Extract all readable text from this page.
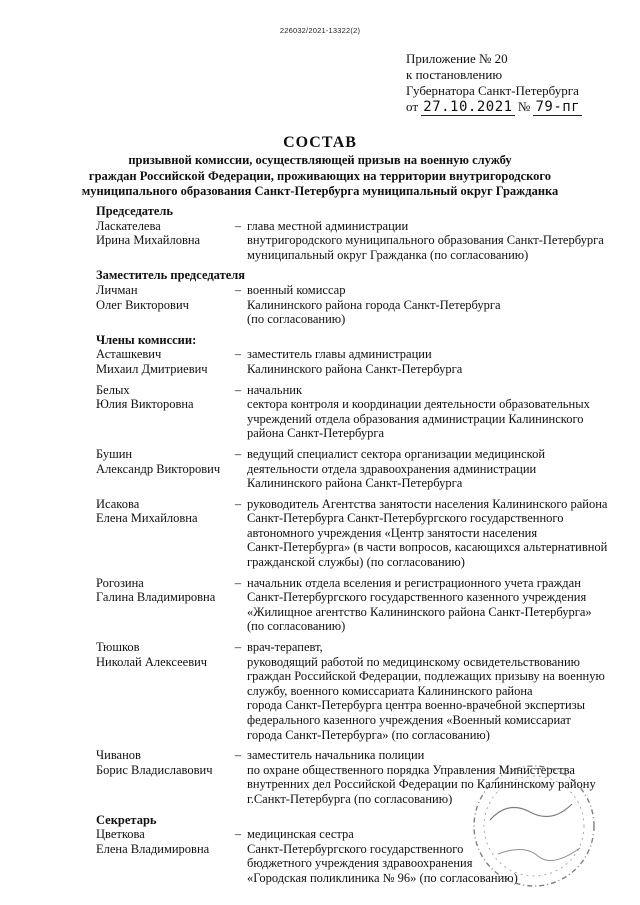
226032/2021-13322(2)
Приложение № 20
к постановлению
Губернатора Санкт-Петербурга
от 27.10.2021 № 79-пг
СОСТАВ
призывной комиссии, осуществляющей призыв на военную службу
граждан Российской Федерации, проживающих на территории внутригородского
муниципального образования Санкт-Петербурга муниципальный округ Гражданка
Председатель
Ласкателева
Ирина Михайловна
– глава местной администрации
внутригородского муниципального образования Санкт-Петербурга
муниципальный округ Гражданка (по согласованию)
Заместитель председателя
Личман
Олег Викторович
– военный комиссар
Калининского района города Санкт-Петербурга
(по согласованию)
Члены комиссии:
Асташкевич
Михаил Дмитриевич
– заместитель главы администрации
Калининского района Санкт-Петербурга
Белых
Юлия Викторовна
– начальник
сектора контроля и координации деятельности образовательных
учреждений отдела образования администрации Калининского
района Санкт-Петербурга
Бушин
Александр Викторович
– ведущий специалист сектора организации медицинской
деятельности отдела здравоохранения администрации
Калининского района Санкт-Петербурга
Исакова
Елена Михайловна
– руководитель Агентства занятости населения Калининского района
Санкт-Петербурга Санкт-Петербургского государственного
автономного учреждения «Центр занятости населения
Санкт-Петербурга» (в части вопросов, касающихся альтернативной
гражданской службы) (по согласованию)
Рогозина
Галина Владимировна
– начальник отдела вселения и регистрационного учета граждан
Санкт-Петербургского государственного казенного учреждения
«Жилищное агентство Калининского района Санкт-Петербурга»
(по согласованию)
Тюшков
Николай Алексеевич
– врач-терапевт,
руководящий работой по медицинскому освидетельствованию
граждан Российской Федерации, подлежащих призыву на военную
службу, военного комиссариата Калининского района
города Санкт-Петербурга центра военно-врачебной экспертизы
федерального казенного учреждения «Военный комиссариат
города Санкт-Петербурга» (по согласованию)
Чиванов
Борис Владиславович
– заместитель начальника полиции
по охране общественного порядка Управления Министерства
внутренних дел Российской Федерации по Калининскому району
г.Санкт-Петербурга (по согласованию)
Секретарь
Цветкова
Елена Владимировна
– медицинская сестра
Санкт-Петербургского государственного
бюджетного учреждения здравоохранения
«Городская поликлиника № 96» (по согласованию)
